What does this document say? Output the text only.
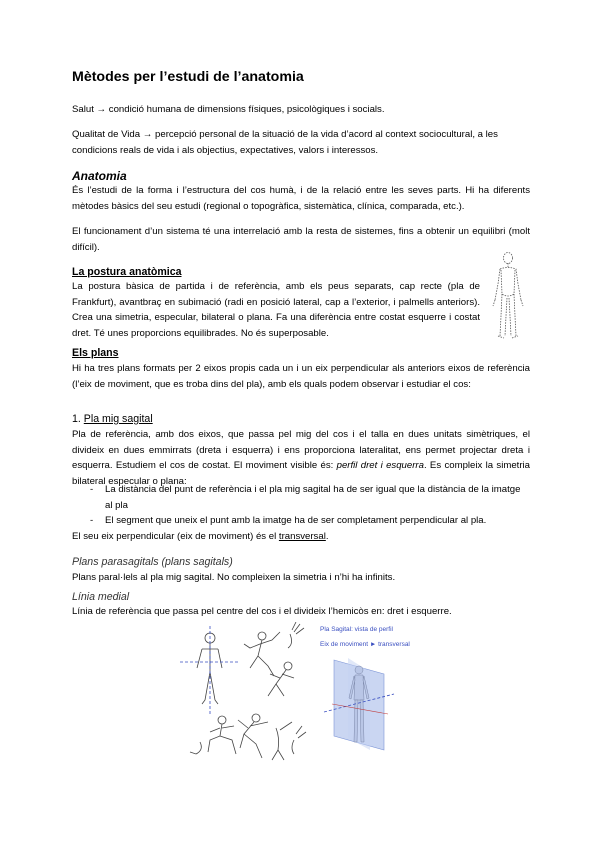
Mètodes per l’estudi de l’anatomia
Salut → condició humana de dimensions físiques, psicològiques i socials.
Qualitat de Vida → percepció personal de la situació de la vida d’acord al context sociocultural, a les condicions reals de vida i als objectius, expectatives, valors i interessos.
Anatomia
És l’estudi de la forma i l’estructura del cos humà, i de la relació entre les seves parts. Hi ha diferents mètodes bàsics del seu estudi (regional o topogràfica, sistemàtica, clínica, comparada, etc.).
El funcionament d’un sistema té una interrelació amb la resta de sistemes, fins a obtenir un equilibri (molt difícil).
La postura anatòmica
La postura bàsica de partida i de referència, amb els peus separats, cap recte (pla de Frankfurt), avantbraç en subimació (radi en posició lateral, cap a l’exterior, i palmells anteriors). Crea una simetria, especular, bilateral o plana. Fa una diferència entre costat esquerre i costat dret. Té unes proporcions equilibrades. No és superposable.
Els plans
Hi ha tres plans formats per 2 eixos propis cada un i un eix perpendicular als anteriors eixos de referència (l’eix de moviment, que es troba dins del pla), amb els quals podem observar i estudiar el cos:
1. Pla mig sagital
Pla de referència, amb dos eixos, que passa pel mig del cos i el talla en dues unitats simètriques, el divideix en dues emmirrats (dreta i esquerra) i ens proporciona lateralitat, ens permet projectar dreta i esquerra. Estudiem el cos de costat. El moviment visible és: perfil dret i esquerra. Es compleix la simetria bilateral especular o plana:
- La distància del punt de referència i el pla mig sagital ha de ser igual que la distància de la imatge al pla
- El segment que uneix el punt amb la imatge ha de ser completament perpendicular al pla.
El seu eix perpendicular (eix de moviment) és el transversal.
Plans parasagitals (plans sagitals)
Plans paral·lels al pla mig sagital. No compleixen la simetria i n’hi ha infinits.
Línia medial
Línia de referència que passa pel centre del cos i el divideix l’hemicòs en: dret i esquerre.
Pla Sagital: vista de perfil
Eix de moviment ► transversal
